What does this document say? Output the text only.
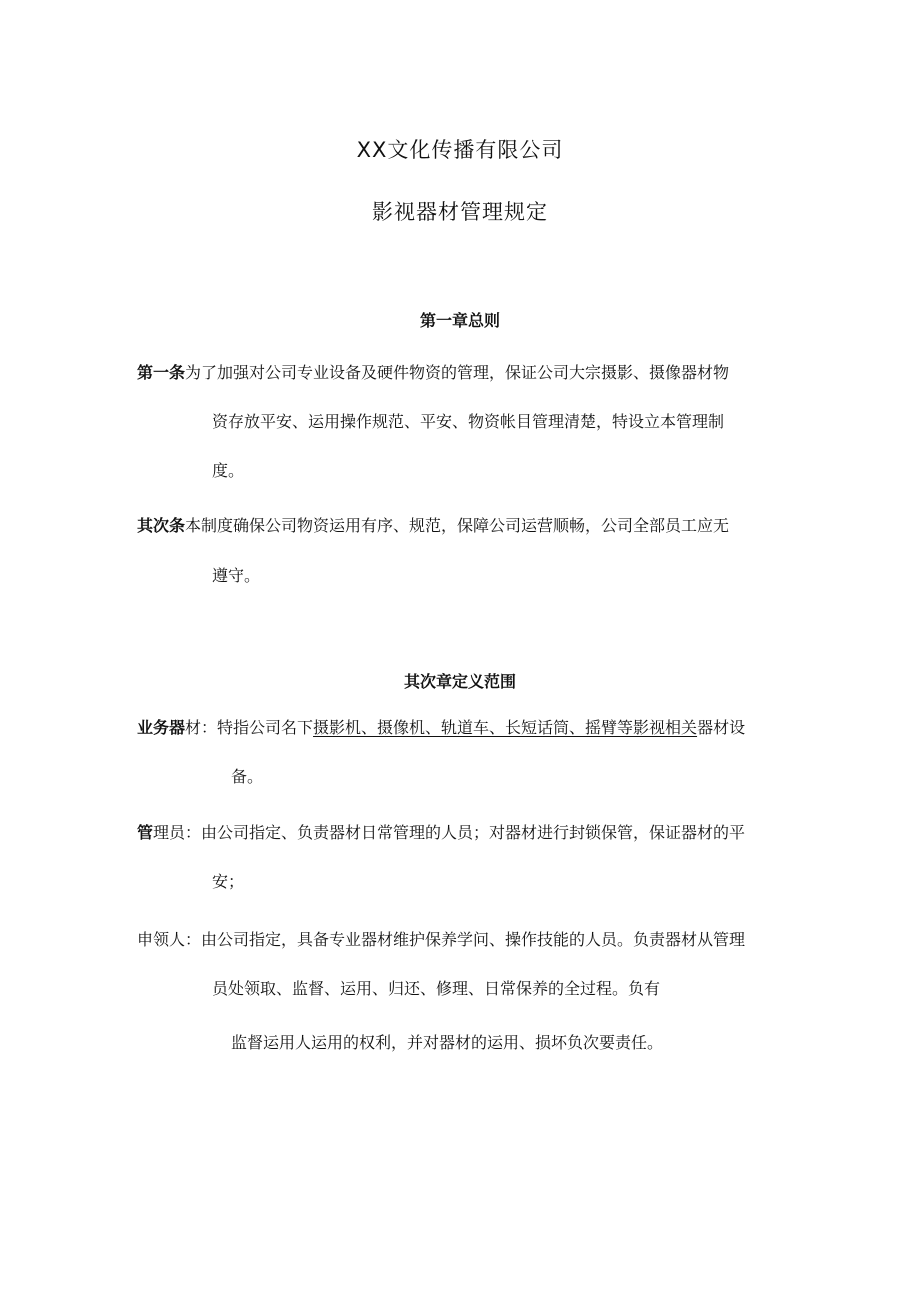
XX文化传播有限公司
影视器材管理规定
第一章总则
第一条为了加强对公司专业设备及硬件物资的管理，保证公司大宗摄影、摄像器材物
资存放平安、运用操作规范、平安、物资帐目管理清楚，特设立本管理制
度。
其次条本制度确保公司物资运用有序、规范，保障公司运营顺畅，公司全部员工应无
遵守。
其次章定义范围
业务器材：特指公司名下摄影机、摄像机、轨道车、长短话筒、摇臂等影视相关器材设
备。
管理员：由公司指定、负责器材日常管理的人员；对器材进行封锁保管，保证器材的平
安；
申领人：由公司指定，具备专业器材维护保养学问、操作技能的人员。负责器材从管理
员处领取、监督、运用、归还、修理、日常保养的全过程。负有
监督运用人运用的权利，并对器材的运用、损坏负次要责任。
